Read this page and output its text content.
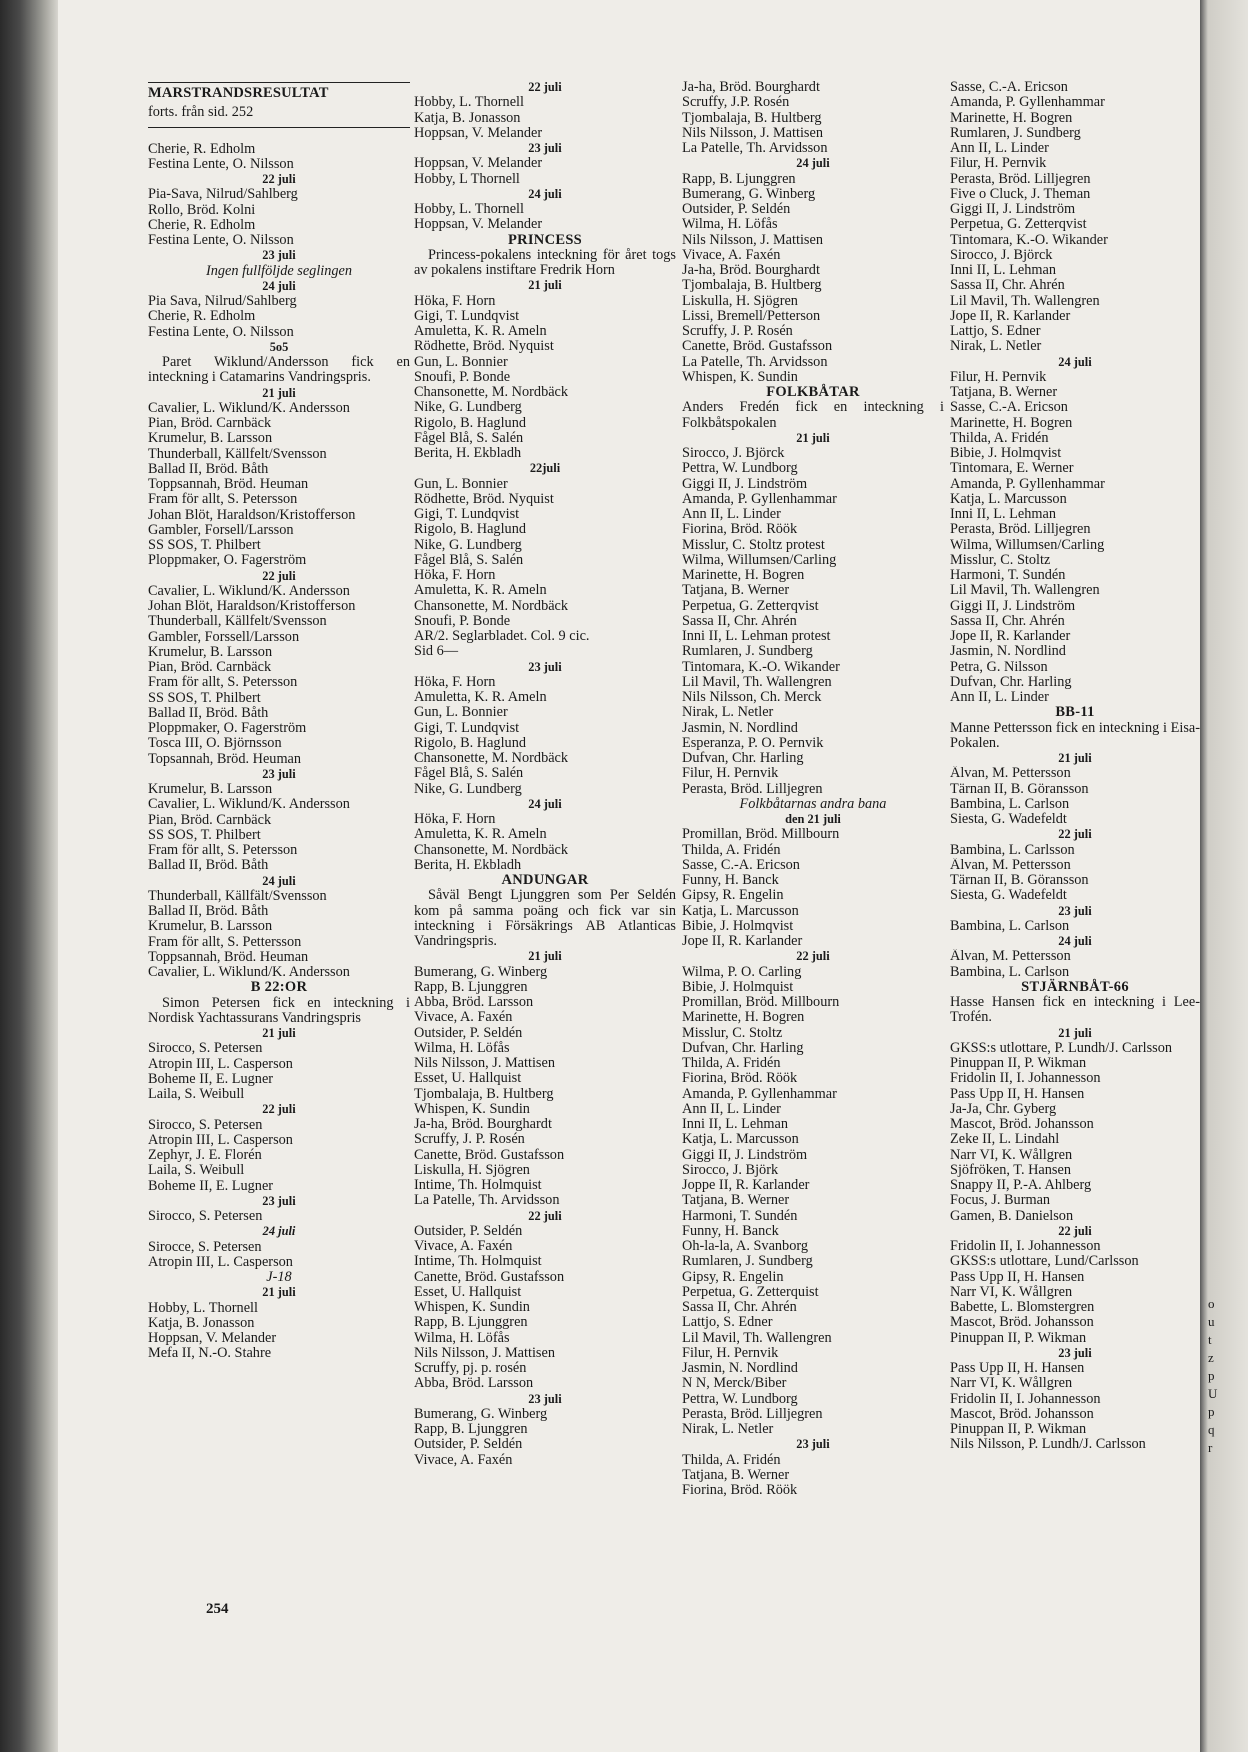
MARSTRANDSRESULTAT
forts. från sid. 252
Cherie, R. Edholm
Festina Lente, O. Nilsson
22 juli
Pia-Sava, Nilrud/Sahlberg
Rollo, Bröd. Kolni
Cherie, R. Edholm
Festina Lente, O. Nilsson
23 juli
Ingen fullföljde seglingen
24 juli
Pia Sava, Nilrud/Sahlberg
Cherie, R. Edholm
Festina Lente, O. Nilsson
5o5
Paret Wiklund/Andersson fick en inteckning i Catamarins Vandringspris.
21 juli
Cavalier, L. Wiklund/K. Andersson
Pian, Bröd. Carnbäck
Krumelur, B. Larsson
Thunderball, Källfelt/Svensson
Ballad II, Bröd. Båth
Toppsannah, Bröd. Heuman
Fram för allt, S. Petersson
Johan Blöt, Haraldson/Kristofferson
Gambler, Forsell/Larsson
SS SOS, T. Philbert
Ploppmaker, O. Fagerström
22 juli
Cavalier, L. Wiklund/K. Andersson
Johan Blöt, Haraldson/Kristofferson
Thunderball, Källfelt/Svensson
Gambler, Forssell/Larsson
Krumelur, B. Larsson
Pian, Bröd. Carnbäck
Fram för allt, S. Petersson
SS SOS, T. Philbert
Ballad II, Bröd. Båth
Ploppmaker, O. Fagerström
Tosca III, O. Björnsson
Topsannah, Bröd. Heuman
23 juli
Krumelur, B. Larsson
Cavalier, L. Wiklund/K. Andersson
Pian, Bröd. Carnbäck
SS SOS, T. Philbert
Fram för allt, S. Petersson
Ballad II, Bröd. Båth
24 juli
Thunderball, Källfält/Svensson
Ballad II, Bröd. Båth
Krumelur, B. Larsson
Fram för allt, S. Pettersson
Toppsannah, Bröd. Heuman
Cavalier, L. Wiklund/K. Andersson
B 22:OR
Simon Petersen fick en inteckning i Nordisk Yachtassurans Vandringspris
21 juli
Sirocco, S. Petersen
Atropin III, L. Casperson
Boheme II, E. Lugner
Laila, S. Weibull
22 juli
Sirocco, S. Petersen
Atropin III, L. Casperson
Zephyr, J. E. Florén
Laila, S. Weibull
Boheme II, E. Lugner
23 juli
Sirocco, S. Petersen
24 juli
Sirocce, S. Petersen
Atropin III, L. Casperson
J-18
21 juli
Hobby, L. Thornell
Katja, B. Jonasson
Hoppsan, V. Melander
Mefa II, N.-O. Stahre
22 juli
Hobby, L. Thornell
Katja, B. Jonasson
Hoppsan, V. Melander
23 juli
Hoppsan, V. Melander
Hobby, L Thornell
24 juli
Hobby, L. Thornell
Hoppsan, V. Melander
PRINCESS
Princess-pokalens inteckning för året togs av pokalens instiftare Fredrik Horn
21 juli
Höka, F. Horn
Gigi, T. Lundqvist
Amuletta, K. R. Ameln
Rödhette, Bröd. Nyquist
Gun, L. Bonnier
Snoufi, P. Bonde
Chansonette, M. Nordbäck
Nike, G. Lundberg
Rigolo, B. Haglund
Fågel Blå, S. Salén
Berita, H. Ekbladh
22juli
Gun, L. Bonnier
Rödhette, Bröd. Nyquist
Gigi, T. Lundqvist
Rigolo, B. Haglund
Nike, G. Lundberg
Fågel Blå, S. Salén
Höka, F. Horn
Amuletta, K. R. Ameln
Chansonette, M. Nordbäck
Snoufi, P. Bonde
AR/2. Seglarbladet. Col. 9 cic.
Sid 6—
23 juli
Höka, F. Horn
Amuletta, K. R. Ameln
Gun, L. Bonnier
Gigi, T. Lundqvist
Rigolo, B. Haglund
Chansonette, M. Nordbäck
Fågel Blå, S. Salén
Nike, G. Lundberg
24 juli
Höka, F. Horn
Amuletta, K. R. Ameln
Chansonette, M. Nordbäck
Berita, H. Ekbladh
ANDUNGAR
Såväl Bengt Ljunggren som Per Seldén kom på samma poäng och fick var sin inteckning i Försäkrings AB Atlanticas Vandringspris.
21 juli
Bumerang, G. Winberg
Rapp, B. Ljunggren
Abba, Bröd. Larsson
Vivace, A. Faxén
Outsider, P. Seldén
Wilma, H. Löfås
Nils Nilsson, J. Mattisen
Esset, U. Hallquist
Tjombalaja, B. Hultberg
Whispen, K. Sundin
Ja-ha, Bröd. Bourghardt
Scruffy, J. P. Rosén
Canette, Bröd. Gustafsson
Liskulla, H. Sjögren
Intime, Th. Holmquist
La Patelle, Th. Arvidsson
22 juli
Outsider, P. Seldén
Vivace, A. Faxén
Intime, Th. Holmquist
Canette, Bröd. Gustafsson
Esset, U. Hallquist
Whispen, K. Sundin
Rapp, B. Ljunggren
Wilma, H. Löfås
Nils Nilsson, J. Mattisen
Scruffy, pj. p. rosén
Abba, Bröd. Larsson
23 juli
Bumerang, G. Winberg
Rapp, B. Ljunggren
Outsider, P. Seldén
Vivace, A. Faxén
Ja-ha, Bröd. Bourghardt
Scruffy, J.P. Rosén
Tjombalaja, B. Hultberg
Nils Nilsson, J. Mattisen
La Patelle, Th. Arvidsson
24 juli
Rapp, B. Ljunggren
Bumerang, G. Winberg
Outsider, P. Seldén
Wilma, H. Löfås
Nils Nilsson, J. Mattisen
Vivace, A. Faxén
Ja-ha, Bröd. Bourghardt
Tjombalaja, B. Hultberg
Liskulla, H. Sjögren
Lissi, Bremell/Petterson
Scruffy, J. P. Rosén
Canette, Bröd. Gustafsson
La Patelle, Th. Arvidsson
Whispen, K. Sundin
FOLKBÅTAR
Anders Fredén fick en inteckning i Folkbåtspokalen
21 juli
Sirocco, J. Björck
Pettra, W. Lundborg
Giggi II, J. Lindström
Amanda, P. Gyllenhammar
Ann II, L. Linder
Fiorina, Bröd. Röök
Misslur, C. Stoltz protest
Wilma, Willumsen/Carling
Marinette, H. Bogren
Tatjana, B. Werner
Perpetua, G. Zetterqvist
Sassa II, Chr. Ahrén
Inni II, L. Lehman protest
Rumlaren, J. Sundberg
Tintomara, K.-O. Wikander
Lil Mavil, Th. Wallengren
Nils Nilsson, Ch. Merck
Nirak, L. Netler
Jasmin, N. Nordlind
Esperanza, P. O. Pernvik
Dufvan, Chr. Harling
Filur, H. Pernvik
Perasta, Bröd. Lilljegren
Folkbåtarnas andra bana
den 21 juli
Promillan, Bröd. Millbourn
Thilda, A. Fridén
Sasse, C.-A. Ericson
Funny, H. Banck
Gipsy, R. Engelin
Katja, L. Marcusson
Bibie, J. Holmqvist
Jope II, R. Karlander
22 juli
Wilma, P. O. Carling
Bibie, J. Holmquist
Promillan, Bröd. Millbourn
Marinette, H. Bogren
Misslur, C. Stoltz
Dufvan, Chr. Harling
Thilda, A. Fridén
Fiorina, Bröd. Röök
Amanda, P. Gyllenhammar
Ann II, L. Linder
Inni II, L. Lehman
Katja, L. Marcusson
Giggi II, J. Lindström
Sirocco, J. Björk
Joppe II, R. Karlander
Tatjana, B. Werner
Harmoni, T. Sundén
Funny, H. Banck
Oh-la-la, A. Svanborg
Rumlaren, J. Sundberg
Gipsy, R. Engelin
Perpetua, G. Zetterquist
Sassa II, Chr. Ahrén
Lattjo, S. Edner
Lil Mavil, Th. Wallengren
Filur, H. Pernvik
Jasmin, N. Nordlind
N N, Merck/Biber
Pettra, W. Lundborg
Perasta, Bröd. Lilljegren
Nirak, L. Netler
23 juli
Thilda, A. Fridén
Tatjana, B. Werner
Fiorina, Bröd. Röök
Sasse, C.-A. Ericson
Amanda, P. Gyllenhammar
Marinette, H. Bogren
Rumlaren, J. Sundberg
Ann II, L. Linder
Filur, H. Pernvik
Perasta, Bröd. Lilljegren
Five o Cluck, J. Theman
Giggi II, J. Lindström
Perpetua, G. Zetterqvist
Tintomara, K.-O. Wikander
Sirocco, J. Björck
Inni II, L. Lehman
Sassa II, Chr. Ahrén
Lil Mavil, Th. Wallengren
Jope II, R. Karlander
Lattjo, S. Edner
Nirak, L. Netler
24 juli
Filur, H. Pernvik
Tatjana, B. Werner
Sasse, C.-A. Ericson
Marinette, H. Bogren
Thilda, A. Fridén
Bibie, J. Holmqvist
Tintomara, E. Werner
Amanda, P. Gyllenhammar
Katja, L. Marcusson
Inni II, L. Lehman
Perasta, Bröd. Lilljegren
Wilma, Willumsen/Carling
Misslur, C. Stoltz
Harmoni, T. Sundén
Lil Mavil, Th. Wallengren
Giggi II, J. Lindström
Sassa II, Chr. Ahrén
Jope II, R. Karlander
Jasmin, N. Nordlind
Petra, G. Nilsson
Dufvan, Chr. Harling
Ann II, L. Linder
BB-11
Manne Pettersson fick en inteckning i Eisa-Pokalen.
21 juli
Älvan, M. Pettersson
Tärnan II, B. Göransson
Bambina, L. Carlson
Siesta, G. Wadefeldt
22 juli
Bambina, L. Carlsson
Älvan, M. Pettersson
Tärnan II, B. Göransson
Siesta, G. Wadefeldt
23 juli
Bambina, L. Carlson
24 juli
Älvan, M. Pettersson
Bambina, L. Carlson
STJÄRNBÅT-66
Hasse Hansen fick en inteckning i Lee-Trofén.
21 juli
GKSS:s utlottare, P. Lundh/J. Carlsson
Pinuppan II, P. Wikman
Fridolin II, I. Johannesson
Pass Upp II, H. Hansen
Ja-Ja, Chr. Gyberg
Mascot, Bröd. Johansson
Zeke II, L. Lindahl
Narr VI, K. Wållgren
Sjöfröken, T. Hansen
Snappy II, P.-A. Ahlberg
Focus, J. Burman
Gamen, B. Danielson
22 juli
Fridolin II, I. Johannesson
GKSS:s utlottare, Lund/Carlsson
Pass Upp II, H. Hansen
Narr VI, K. Wållgren
Babette, L. Blomstergren
Mascot, Bröd. Johansson
Pinuppan II, P. Wikman
23 juli
Pass Upp II, H. Hansen
Narr VI, K. Wållgren
Fridolin II, I. Johannesson
Mascot, Bröd. Johansson
Pinuppan II, P. Wikman
Nils Nilsson, P. Lundh/J. Carlsson
254
o
u
t
z
p
U
p
q
r
